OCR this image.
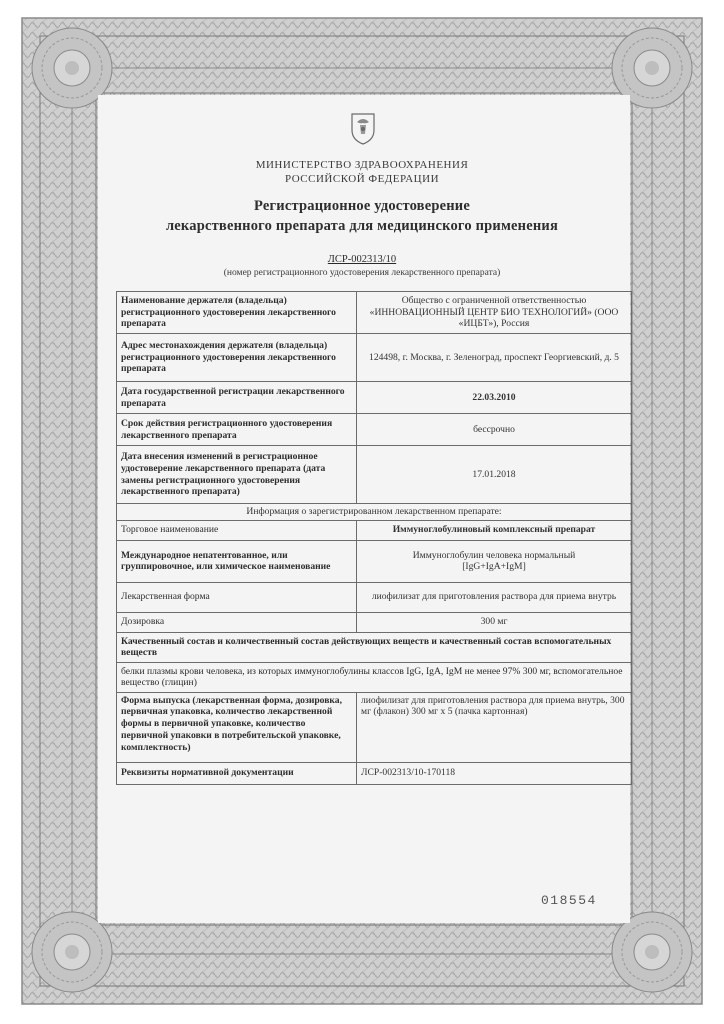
МИНИСТЕРСТВО ЗДРАВООХРАНЕНИЯ
РОССИЙСКОЙ ФЕДЕРАЦИИ
Регистрационное удостоверение
лекарственного препарата для медицинского применения
ЛСР-002313/10
(номер регистрационного удостоверения лекарственного препарата)
Наименование держателя (владельца) регистрационного удостоверения лекарственного препарата	Общество с ограниченной ответственностью «ИННОВАЦИОННЫЙ ЦЕНТР БИО ТЕХНОЛОГИЙ» (ООО «ИЦБТ»), Россия
Адрес местонахождения держателя (владельца) регистрационного удостоверения лекарственного препарата	124498, г. Москва, г. Зеленоград, проспект Георгиевский, д. 5
Дата государственной регистрации лекарственного препарата	22.03.2010
Срок действия регистрационного удостоверения лекарственного препарата	бессрочно
Дата внесения изменений в регистрационное удостоверение лекарственного препарата (дата замены регистрационного удостоверения лекарственного препарата)	17.01.2018
Информация о зарегистрированном лекарственном препарате:	
Торговое наименование	Иммуноглобулиновый комплексный препарат
Международное непатентованное, или группировочное, или химическое наименование	Иммуноглобулин человека нормальный
[IgG+IgA+IgM]

Лекарственная форма	лиофилизат для приготовления раствора для приема внутрь
Дозировка	300 мг
Качественный состав и количественный состав действующих веществ и качественный состав вспомогательных веществ	
белки плазмы крови человека, из которых иммуноглобулины классов IgG, IgA, IgM не менее 97% 300 мг, вспомогательное вещество (глицин)	
Форма выпуска (лекарственная форма, дозировка, первичная упаковка, количество лекарственной формы в первичной упаковке, количество первичной упаковки в потребительской упаковке, комплектность)	лиофилизат для приготовления раствора для приема внутрь, 300 мг (флакон) 300 мг х 5 (пачка картонная)
Реквизиты нормативной документации	ЛСР-002313/10-170118
018554
